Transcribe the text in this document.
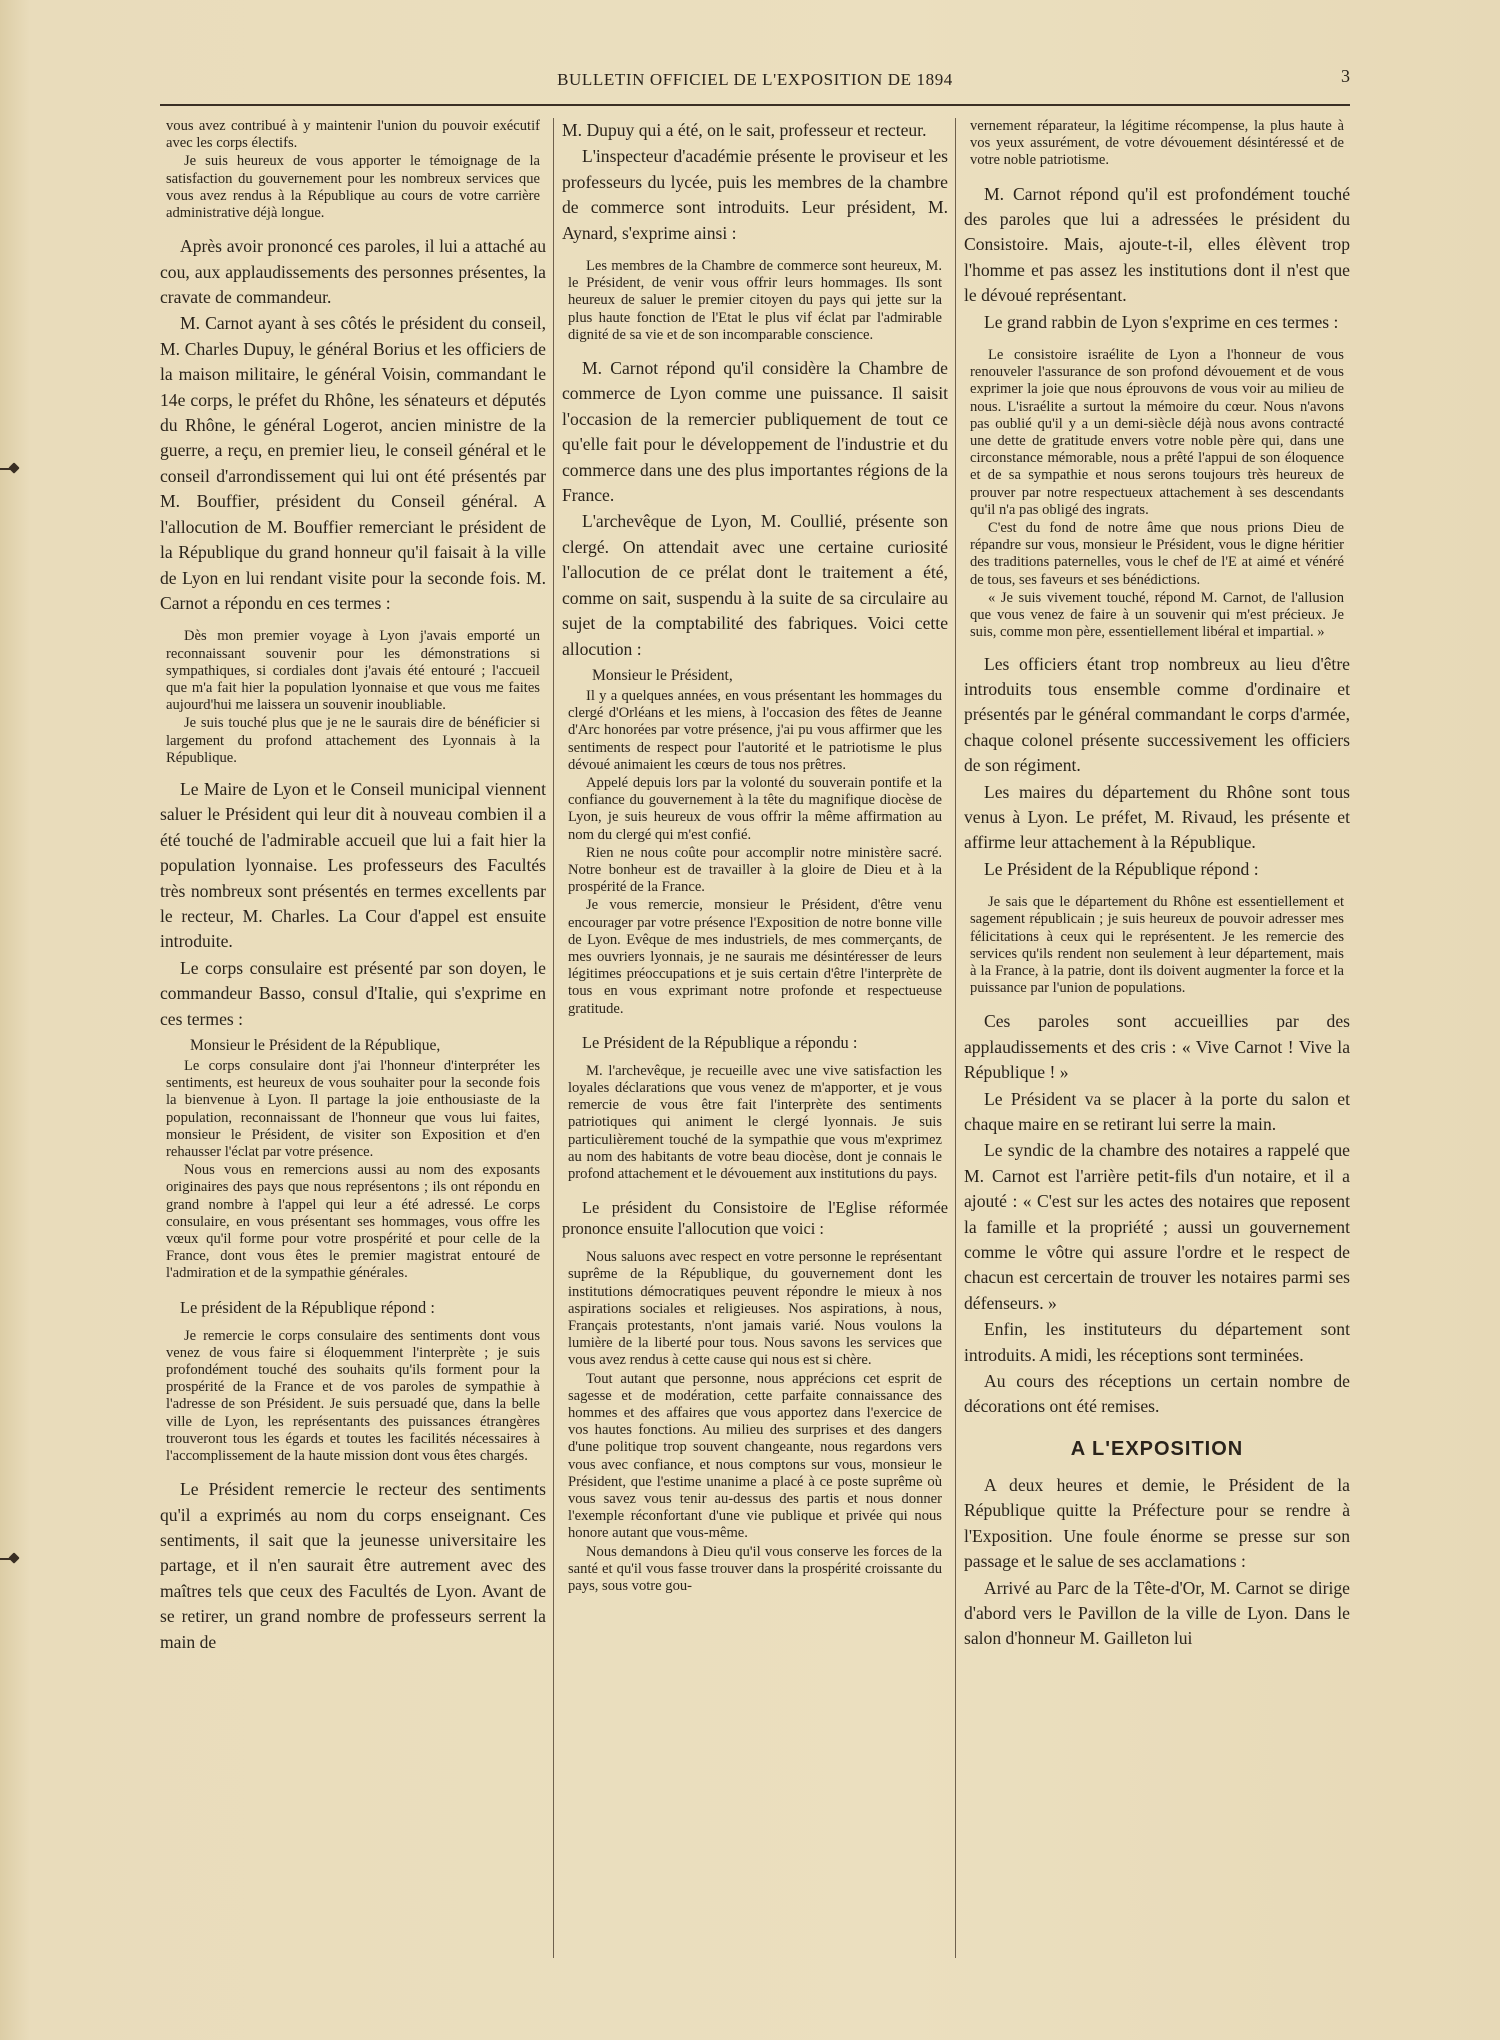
BULLETIN OFFICIEL DE L'EXPOSITION DE 1894	3

vous avez contribué à y maintenir l'union du pouvoir exécutif avec les corps électifs.

Je suis heureux de vous apporter le témoignage de la satisfaction du gouvernement pour les nombreux services que vous avez rendus à la République au cours de votre carrière administrative déjà longue.

Après avoir prononcé ces paroles, il lui a attaché au cou, aux applaudissements des personnes présentes, la cravate de commandeur.

M. Carnot ayant à ses côtés le président du conseil, M. Charles Dupuy, le général Borius et les officiers de la maison militaire, le général Voisin, commandant le 14e corps, le préfet du Rhône, les sénateurs et députés du Rhône, le général Logerot, ancien ministre de la guerre, a reçu, en premier lieu, le conseil général et le conseil d'arrondissement qui lui ont été présentés par M. Bouffier, président du Conseil général. A l'allocution de M. Bouffier remerciant le président de la République du grand honneur qu'il faisait à la ville de Lyon en lui rendant visite pour la seconde fois. M. Carnot a répondu en ces termes :

Dès mon premier voyage à Lyon j'avais emporté un reconnaissant souvenir pour les démonstrations si sympathiques, si cordiales dont j'avais été entouré ; l'accueil que m'a fait hier la population lyonnaise et que vous me faites aujourd'hui me laissera un souvenir inoubliable.

Je suis touché plus que je ne le saurais dire de bénéficier si largement du profond attachement des Lyonnais à la République.

Le Maire de Lyon et le Conseil municipal viennent saluer le Président qui leur dit à nouveau combien il a été touché de l'admirable accueil que lui a fait hier la population lyonnaise. Les professeurs des Facultés très nombreux sont présentés en termes excellents par le recteur, M. Charles. La Cour d'appel est ensuite introduite.

Le corps consulaire est présenté par son doyen, le commandeur Basso, consul d'Italie, qui s'exprime en ces termes :

Monsieur le Président de la République,

Le corps consulaire dont j'ai l'honneur d'interpréter les sentiments, est heureux de vous souhaiter pour la seconde fois la bienvenue à Lyon. Il partage la joie enthousiaste de la population, reconnaissant de l'honneur que vous lui faites, monsieur le Président, de visiter son Exposition et d'en rehausser l'éclat par votre présence.

Nous vous en remercions aussi au nom des exposants originaires des pays que nous représentons ; ils ont répondu en grand nombre à l'appel qui leur a été adressé. Le corps consulaire, en vous présentant ses hommages, vous offre les vœux qu'il forme pour votre prospérité et pour celle de la France, dont vous êtes le premier magistrat entouré de l'admiration et de la sympathie générales.

Le président de la République répond :

Je remercie le corps consulaire des sentiments dont vous venez de vous faire si éloquemment l'interprète ; je suis profondément touché des souhaits qu'ils forment pour la prospérité de la France et de vos paroles de sympathie à l'adresse de son Président. Je suis persuadé que, dans la belle ville de Lyon, les représentants des puissances étrangères trouveront tous les égards et toutes les facilités nécessaires à l'accomplissement de la haute mission dont vous êtes chargés.

Le Président remercie le recteur des sentiments qu'il a exprimés au nom du corps enseignant. Ces sentiments, il sait que la jeunesse universitaire les partage, et il n'en saurait être autrement avec des maîtres tels que ceux des Facultés de Lyon. Avant de se retirer, un grand nombre de professeurs serrent la main de

M. Dupuy qui a été, on le sait, professeur et recteur.

L'inspecteur d'académie présente le proviseur et les professeurs du lycée, puis les membres de la chambre de commerce sont introduits. Leur président, M. Aynard, s'exprime ainsi :

Les membres de la Chambre de commerce sont heureux, M. le Président, de venir vous offrir leurs hommages. Ils sont heureux de saluer le premier citoyen du pays qui jette sur la plus haute fonction de l'Etat le plus vif éclat par l'admirable dignité de sa vie et de son incomparable conscience.

M. Carnot répond qu'il considère la Chambre de commerce de Lyon comme une puissance. Il saisit l'occasion de la remercier publiquement de tout ce qu'elle fait pour le développement de l'industrie et du commerce dans une des plus importantes régions de la France.

L'archevêque de Lyon, M. Coullié, présente son clergé. On attendait avec une certaine curiosité l'allocution de ce prélat dont le traitement a été, comme on sait, suspendu à la suite de sa circulaire au sujet de la comptabilité des fabriques. Voici cette allocution :

Monsieur le Président,

Il y a quelques années, en vous présentant les hommages du clergé d'Orléans et les miens, à l'occasion des fêtes de Jeanne d'Arc honorées par votre présence, j'ai pu vous affirmer que les sentiments de respect pour l'autorité et le patriotisme le plus dévoué animaient les cœurs de tous nos prêtres.

Appelé depuis lors par la volonté du souverain pontife et la confiance du gouvernement à la tête du magnifique diocèse de Lyon, je suis heureux de vous offrir la même affirmation au nom du clergé qui m'est confié.

Rien ne nous coûte pour accomplir notre ministère sacré. Notre bonheur est de travailler à la gloire de Dieu et à la prospérité de la France.

Je vous remercie, monsieur le Président, d'être venu encourager par votre présence l'Exposition de notre bonne ville de Lyon. Evêque de mes industriels, de mes commerçants, de mes ouvriers lyonnais, je ne saurais me désintéresser de leurs légitimes préoccupations et je suis certain d'être l'interprète de tous en vous exprimant notre profonde et respectueuse gratitude.

Le Président de la République a répondu :

M. l'archevêque, je recueille avec une vive satisfaction les loyales déclarations que vous venez de m'apporter, et je vous remercie de vous être fait l'interprète des sentiments patriotiques qui animent le clergé lyonnais. Je suis particulièrement touché de la sympathie que vous m'exprimez au nom des habitants de votre beau diocèse, dont je connais le profond attachement et le dévouement aux institutions du pays.

Le président du Consistoire de l'Eglise réformée prononce ensuite l'allocution que voici :

Nous saluons avec respect en votre personne le représentant suprême de la République, du gouvernement dont les institutions démocratiques peuvent répondre le mieux à nos aspirations sociales et religieuses. Nos aspirations, à nous, Français protestants, n'ont jamais varié. Nous voulons la lumière de la liberté pour tous. Nous savons les services que vous avez rendus à cette cause qui nous est si chère.

Tout autant que personne, nous apprécions cet esprit de sagesse et de modération, cette parfaite connaissance des hommes et des affaires que vous apportez dans l'exercice de vos hautes fonctions. Au milieu des surprises et des dangers d'une politique trop souvent changeante, nous regardons vers vous avec confiance, et nous comptons sur vous, monsieur le Président, que l'estime unanime a placé à ce poste suprême où vous savez vous tenir au-dessus des partis et nous donner l'exemple réconfortant d'une vie publique et privée qui nous honore autant que vous-même.

Nous demandons à Dieu qu'il vous conserve les forces de la santé et qu'il vous fasse trouver dans la prospérité croissante du pays, sous votre gou-

vernement réparateur, la légitime récompense, la plus haute à vos yeux assurément, de votre dévouement désintéressé et de votre noble patriotisme.

M. Carnot répond qu'il est profondément touché des paroles que lui a adressées le président du Consistoire. Mais, ajoute-t-il, elles élèvent trop l'homme et pas assez les institutions dont il n'est que le dévoué représentant.

Le grand rabbin de Lyon s'exprime en ces termes :

Le consistoire israélite de Lyon a l'honneur de vous renouveler l'assurance de son profond dévouement et de vous exprimer la joie que nous éprouvons de vous voir au milieu de nous. L'israélite a surtout la mémoire du cœur. Nous n'avons pas oublié qu'il y a un demi-siècle déjà nous avons contracté une dette de gratitude envers votre noble père qui, dans une circonstance mémorable, nous a prêté l'appui de son éloquence et de sa sympathie et nous serons toujours très heureux de prouver par notre respectueux attachement à ses descendants qu'il n'a pas obligé des ingrats.

C'est du fond de notre âme que nous prions Dieu de répandre sur vous, monsieur le Président, vous le digne héritier des traditions paternelles, vous le chef de l'E at aimé et vénéré de tous, ses faveurs et ses bénédictions.

« Je suis vivement touché, répond M. Carnot, de l'allusion que vous venez de faire à un souvenir qui m'est précieux. Je suis, comme mon père, essentiellement libéral et impartial. »

Les officiers étant trop nombreux au lieu d'être introduits tous ensemble comme d'ordinaire et présentés par le général commandant le corps d'armée, chaque colonel présente successivement les officiers de son régiment.

Les maires du département du Rhône sont tous venus à Lyon. Le préfet, M. Rivaud, les présente et affirme leur attachement à la République.

Le Président de la République répond :

Je sais que le département du Rhône est essentiellement et sagement républicain ; je suis heureux de pouvoir adresser mes félicitations à ceux qui le représentent. Je les remercie des services qu'ils rendent non seulement à leur département, mais à la France, à la patrie, dont ils doivent augmenter la force et la puissance par l'union de populations.

Ces paroles sont accueillies par des applaudissements et des cris : « Vive Carnot ! Vive la République ! »

Le Président va se placer à la porte du salon et chaque maire en se retirant lui serre la main.

Le syndic de la chambre des notaires a rappelé que M. Carnot est l'arrière petit-fils d'un notaire, et il a ajouté : « C'est sur les actes des notaires que reposent la famille et la propriété ; aussi un gouvernement comme le vôtre qui assure l'ordre et le respect de chacun est cercertain de trouver les notaires parmi ses défenseurs. »

Enfin, les instituteurs du département sont introduits. A midi, les réceptions sont terminées.

Au cours des réceptions un certain nombre de décorations ont été remises.

A L'EXPOSITION

A deux heures et demie, le Président de la République quitte la Préfecture pour se rendre à l'Exposition. Une foule énorme se presse sur son passage et le salue de ses acclamations :

Arrivé au Parc de la Tête-d'Or, M. Carnot se dirige d'abord vers le Pavillon de la ville de Lyon. Dans le salon d'honneur M. Gailleton lui
